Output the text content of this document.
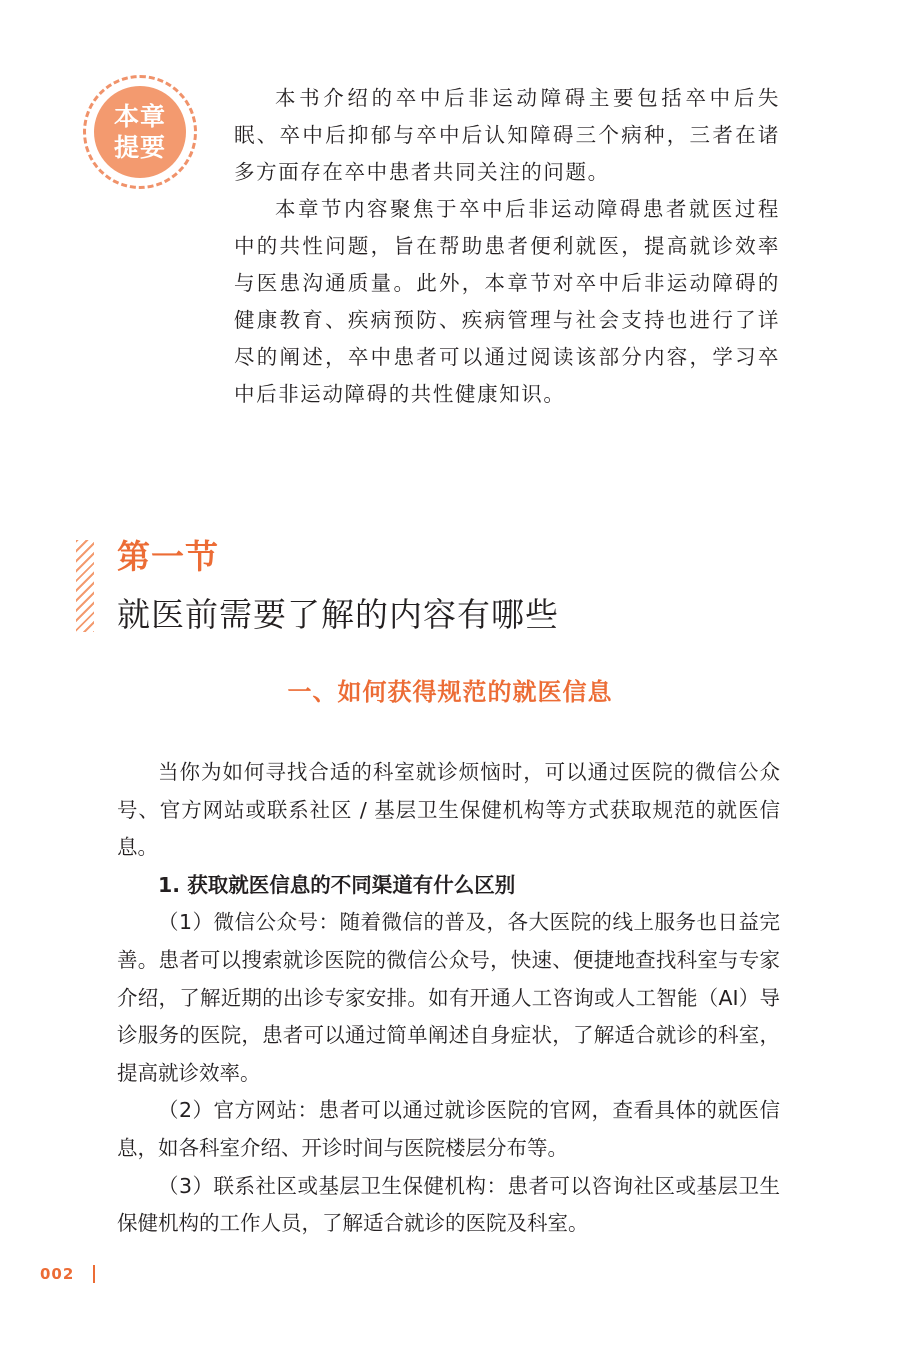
本章
提要

本书介绍的卒中后非运动障碍主要包括卒中后失眠、卒中后抑郁与卒中后认知障碍三个病种，三者在诸多方面存在卒中患者共同关注的问题。

本章节内容聚焦于卒中后非运动障碍患者就医过程中的共性问题，旨在帮助患者便利就医，提高就诊效率与医患沟通质量。此外，本章节对卒中后非运动障碍的健康教育、疾病预防、疾病管理与社会支持也进行了详尽的阐述，卒中患者可以通过阅读该部分内容，学习卒中后非运动障碍的共性健康知识。

第一节
就医前需要了解的内容有哪些
一、如何获得规范的就医信息

当你为如何寻找合适的科室就诊烦恼时，可以通过医院的微信公众号、官方网站或联系社区 / 基层卫生保健机构等方式获取规范的就医信息。

1. 获取就医信息的不同渠道有什么区别

（1）微信公众号：随着微信的普及，各大医院的线上服务也日益完善。患者可以搜索就诊医院的微信公众号，快速、便捷地查找科室与专家介绍，了解近期的出诊专家安排。如有开通人工咨询或人工智能（AI）导诊服务的医院，患者可以通过简单阐述自身症状，了解适合就诊的科室，提高就诊效率。

（2）官方网站：患者可以通过就诊医院的官网，查看具体的就医信息，如各科室介绍、开诊时间与医院楼层分布等。

（3）联系社区或基层卫生保健机构：患者可以咨询社区或基层卫生保健机构的工作人员，了解适合就诊的医院及科室。

002
